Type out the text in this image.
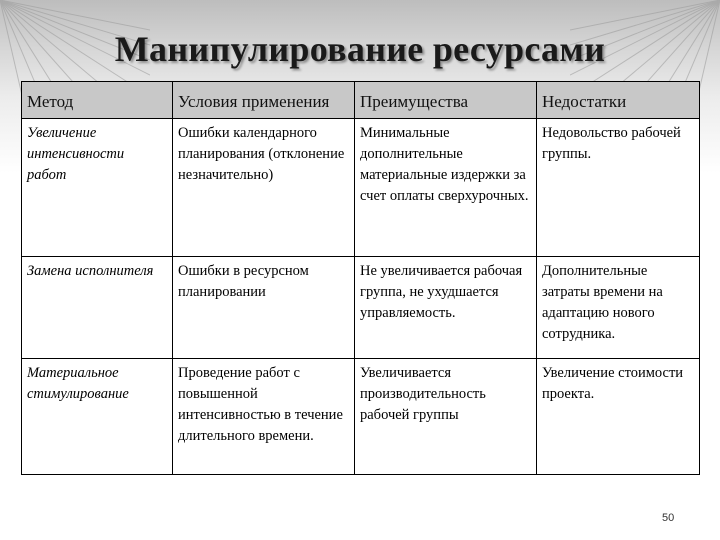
Манипулирование ресурсами
Метод	Условия применения	Преимущества	Недостатки
Увеличение интенсивности работ	Ошибки календарного планирования (отклонение незначительно)	Минимальные дополнительные материальные издержки за счет оплаты сверхурочных.	Недовольство рабочей группы.
Замена исполнителя	Ошибки в ресурсном планировании	Не увеличивается рабочая группа, не ухудшается управляемость.	Дополнительные затраты времени на адаптацию нового сотрудника.
Материальное стимулирование	Проведение работ с повышенной интенсивностью в течение длительного времени.	Увеличивается производительность рабочей группы	Увеличение стоимости проекта.
50
